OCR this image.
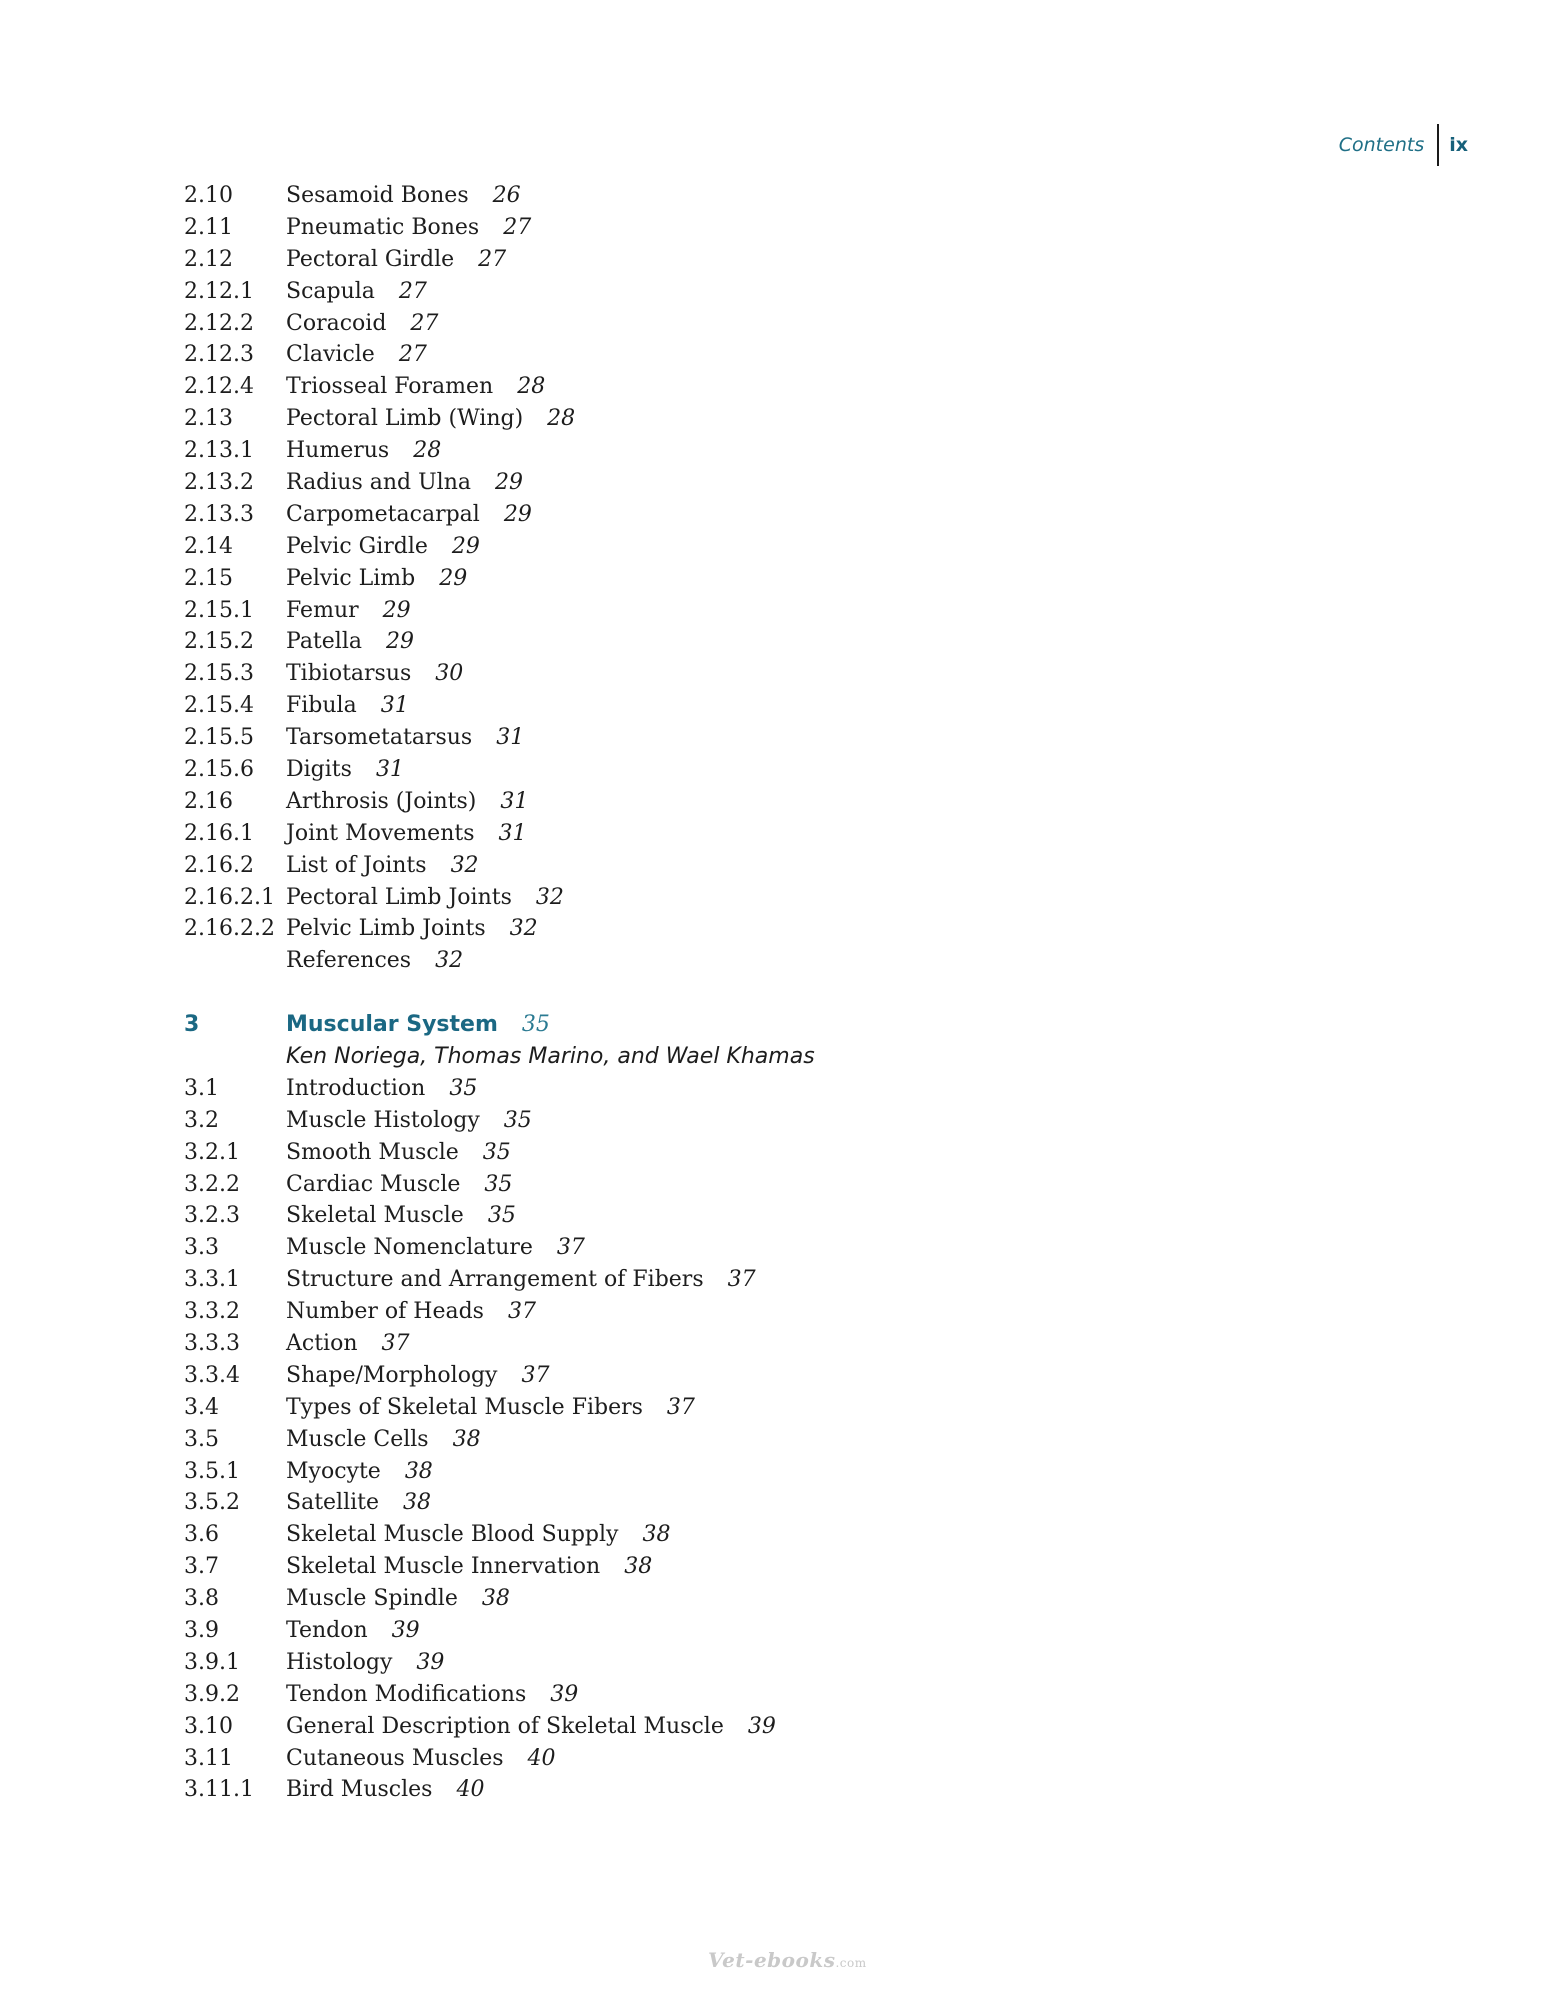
Contents	ix
2.10	Sesamoid Bones 26
2.11	Pneumatic Bones 27
2.12	Pectoral Girdle 27
2.12.1	Scapula 27
2.12.2	Coracoid 27
2.12.3	Clavicle 27
2.12.4	Triosseal Foramen 28
2.13	Pectoral Limb (Wing) 28
2.13.1	Humerus 28
2.13.2	Radius and Ulna 29
2.13.3	Carpometacarpal 29
2.14	Pelvic Girdle 29
2.15	Pelvic Limb 29
2.15.1	Femur 29
2.15.2	Patella 29
2.15.3	Tibiotarsus 30
2.15.4	Fibula 31
2.15.5	Tarsometatarsus 31
2.15.6	Digits 31
2.16	Arthrosis (Joints) 31
2.16.1	Joint Movements 31
2.16.2	List of Joints 32
2.16.2.1 Pectoral Limb Joints 32
2.16.2.2 Pelvic Limb Joints 32
References 32
3	Muscular System 35
Ken Noriega, Thomas Marino, and Wael Khamas
3.1	Introduction 35
3.2	Muscle Histology 35
3.2.1	Smooth Muscle 35
3.2.2	Cardiac Muscle 35
3.2.3	Skeletal Muscle 35
3.3	Muscle Nomenclature 37
3.3.1	Structure and Arrangement of Fibers 37
3.3.2	Number of Heads 37
3.3.3	Action 37
3.3.4	Shape/Morphology 37
3.4	Types of Skeletal Muscle Fibers 37
3.5	Muscle Cells 38
3.5.1	Myocyte 38
3.5.2	Satellite 38
3.6	Skeletal Muscle Blood Supply 38
3.7	Skeletal Muscle Innervation 38
3.8	Muscle Spindle 38
3.9	Tendon 39
3.9.1	Histology 39
3.9.2	Tendon Modifications 39
3.10	General Description of Skeletal Muscle 39
3.11	Cutaneous Muscles 40
3.11.1	Bird Muscles 40
Vet-ebooks.com
